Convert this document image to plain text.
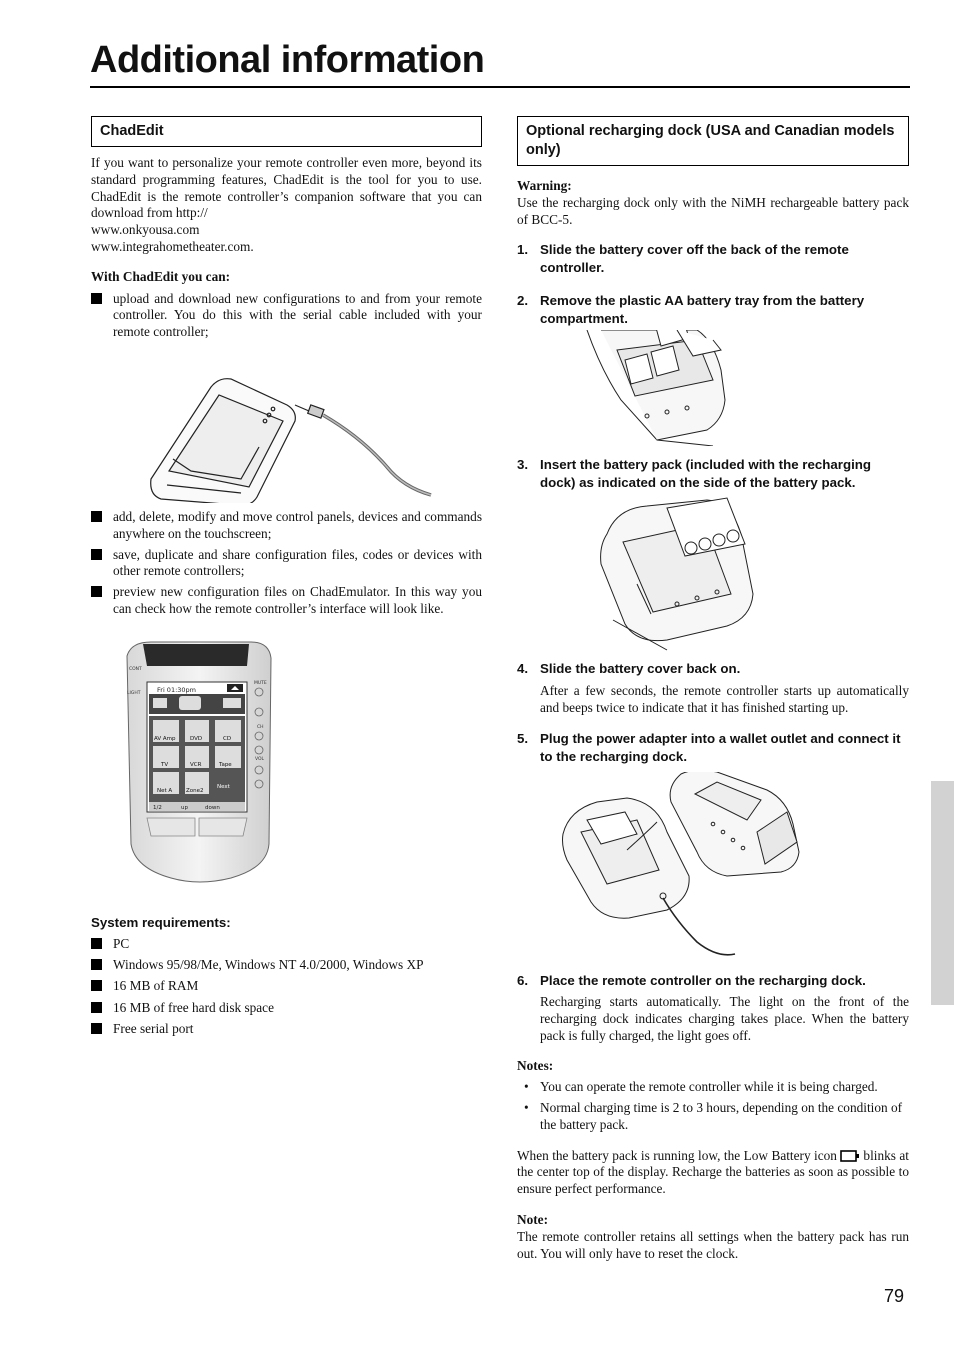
Additional information
ChadEdit

If you want to personalize your remote controller even more, beyond its standard programming features, ChadEdit is the tool for you to use. ChadEdit is the remote controller’s companion software that you can download from http://

www.onkyousa.com

www.integrahometheater.com.

With ChadEdit you can:

upload and download new configurations to and from your remote controller. You do this with the serial cable included with your remote controller;
add, delete, modify and move control panels, devices and commands anywhere on the touchscreen;
save, duplicate and share configuration files, codes or devices with other remote controllers;
preview new configuration files on ChadEmulator. In this way you can check how the remote controller’s interface will look like.
Fri 01:30pm
AV Amp	DVD	CD
TV	VCR	Tape
Net A	Zone2
Next
1/2	up	down
CONT
LIGHT
MUTE
CH
VOL

System requirements:

PC
Windows 95/98/Me, Windows NT 4.0/2000, Windows XP
16 MB of RAM
16 MB of free hard disk space
Free serial port
Optional recharging dock (USA and Canadian models only)

Warning:

Use the recharging dock only with the NiMH rechargeable battery pack of BCC-5.

1. Slide the battery cover off the back of the remote controller.
2. Remove the plastic AA battery tray from the battery compartment.
3. Insert the battery pack (included with the recharging dock) as indicated on the side of the battery pack.
4. Slide the battery cover back on.
After a few seconds, the remote controller starts up automatically and beeps twice to indicate that it has finished starting up.
5. Plug the power adapter into a wallet outlet and connect it to the recharging dock.
6. Place the remote controller on the recharging dock.
Recharging starts automatically. The light on the front of the recharging dock indicates charging takes place. When the battery pack is fully charged, the light goes off.

Notes:

• You can operate the remote controller while it is being charged.
• Normal charging time is 2 to 3 hours, depending on the condition of the battery pack.

When the battery pack is running low, the Low Battery icon blinks at the center top of the display. Recharge the batteries as soon as possible to ensure perfect performance.

Note:

The remote controller retains all settings when the battery pack has run out. You will only have to reset the clock.

79
